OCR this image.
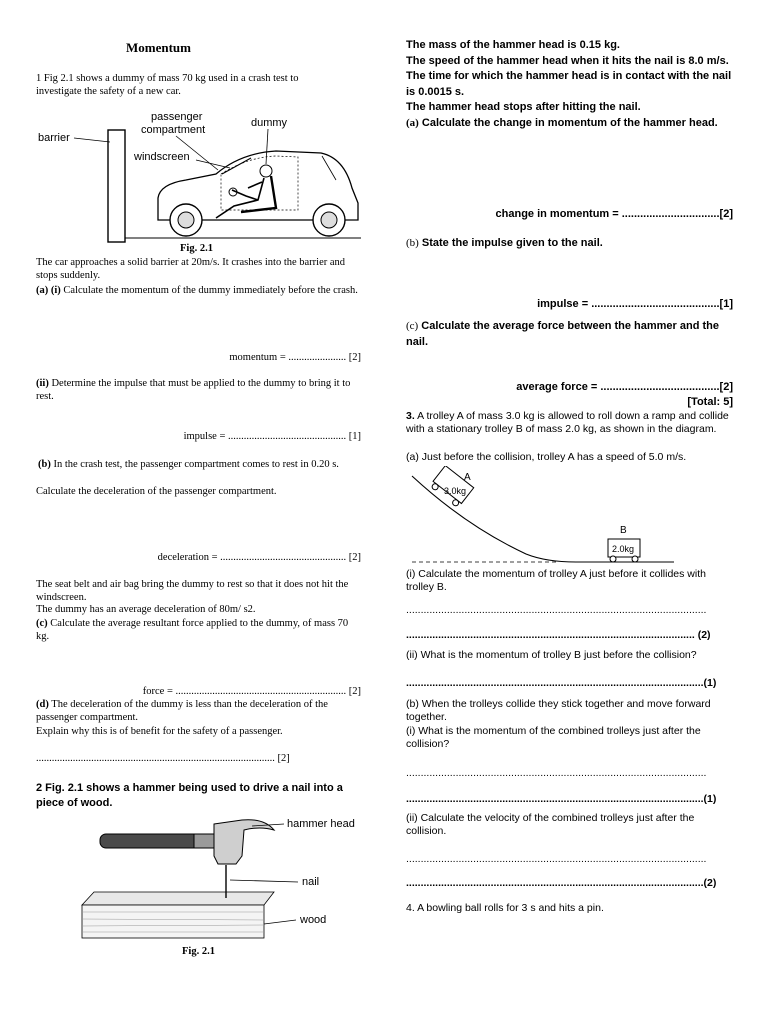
Momentum
1 Fig 2.1 shows a dummy of mass 70 kg used in a crash test to investigate the safety of a new car.
barrier
passenger
compartment
dummy
windscreen
Fig. 2.1
The car approaches a solid barrier at 20m/s. It crashes into the barrier and stops suddenly.
(a) (i) Calculate the momentum of the dummy immediately before the crash.
momentum = ...................... [2]
(ii) Determine the impulse that must be applied to the dummy to bring it to rest.
impulse = ............................................. [1]
(b) In the crash test, the passenger compartment comes to rest in 0.20 s.
Calculate the deceleration of the passenger compartment.
deceleration = ................................................ [2]
The seat belt and air bag bring the dummy to rest so that it does not hit the windscreen.
The dummy has an average deceleration of 80m/ s2.
(c) Calculate the average resultant force applied to the dummy, of mass 70 kg.
force = ................................................................. [2]
(d) The deceleration of the dummy is less than the deceleration of the passenger compartment.
Explain why this is of benefit for the safety of a passenger.
........................................................................................... [2]
2 Fig. 2.1 shows a hammer being used to drive a nail into a piece of wood.
hammer head
nail
wood
Fig. 2.1
The mass of the hammer head is 0.15 kg.
The speed of the hammer head when it hits the nail is 8.0 m/s.
The time for which the hammer head is in contact with the nail is 0.0015 s.
The hammer head stops after hitting the nail.
(a) Calculate the change in momentum of the hammer head.
change in momentum = ................................[2]
(b) State the impulse given to the nail.
impulse = ..........................................[1]
(c) Calculate the average force between the hammer and the nail.
average force = .......................................[2]
[Total: 5]
3. A trolley A of mass 3.0 kg is allowed to roll down a ramp and collide with a stationary trolley B of mass 2.0 kg, as shown in the diagram.
(a) Just before the collision, trolley A has a speed of 5.0 m/s.
3.0kg
A
2.0kg
B
(i) Calculate the momentum of trolley A just before it collides with trolley B.
.......................................................................................................
................................................................................................... (2)
(ii) What is the momentum of trolley B just before the collision?
......................................................................................................(1)
(b) When the trolleys collide they stick together and move forward together.
(i) What is the momentum of the combined trolleys just after the collision?
.......................................................................................................
......................................................................................................(1)
(ii) Calculate the velocity of the combined trolleys just after the collision.
.......................................................................................................
......................................................................................................(2)
4. A bowling ball rolls for 3 s and hits a pin.
